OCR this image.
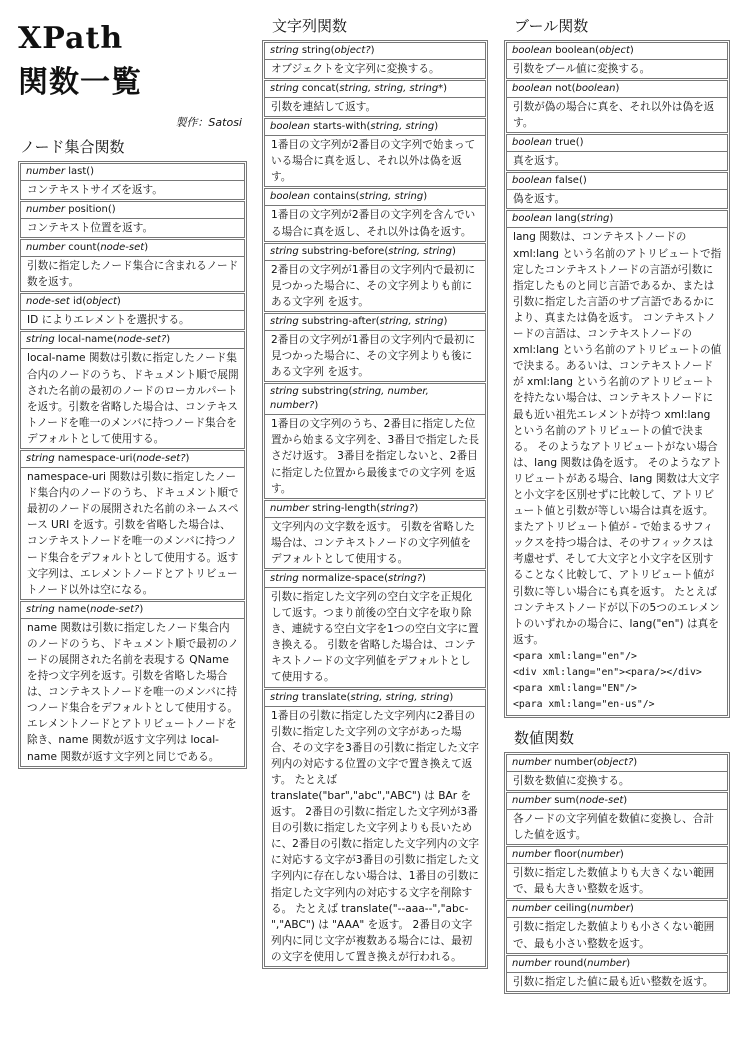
XPath
関数一覧
製作：Satosi
ノード集合関数
number last()
コンテキストサイズを返す。
number position()
コンテキスト位置を返す。
number count(node-set)
引数に指定したノード集合に含まれるノード数を返す。
node-set id(object)
ID によりエレメントを選択する。
string local-name(node-set?)
local-name 関数は引数に指定したノード集合内のノードのうち、ドキュメント順で展開された名前の最初のノードのローカルパートを返す。引数を省略した場合は、コンテキストノードを唯一のメンバに持つノード集合をデフォルトとして使用する。
string namespace-uri(node-set?)
namespace-uri 関数は引数に指定したノード集合内のノードのうち、ドキュメント順で最初のノードの展開された名前のネームスペース URI を返す。引数を省略した場合は、コンテキストノードを唯一のメンバに持つノード集合をデフォルトとして使用する。返す文字列は、エレメントノードとアトリビュートノード以外は空になる。
string name(node-set?)
name 関数は引数に指定したノード集合内のノードのうち、ドキュメント順で最初のノードの展開された名前を表現する QName を持つ文字列を返す。引数を省略した場合は、コンテキストノードを唯一のメンバに持つノード集合をデフォルトとして使用する。エレメントノードとアトリビュートノードを除き、name 関数が返す文字列は local-name 関数が返す文字列と同じである。
文字列関数
string string(object?)
オブジェクトを文字列に変換する。
string concat(string, string, string*)
引数を連結して返す。
boolean starts-with(string, string)
1番目の文字列が2番目の文字列で始まっている場合に真を返し、それ以外は偽を返す。
boolean contains(string, string)
1番目の文字列が2番目の文字列を含んでいる場合に真を返し、それ以外は偽を返す。
string substring-before(string, string)
2番目の文字列が1番目の文字列内で最初に見つかった場合に、その文字列よりも前にある文字列 を返す。
string substring-after(string, string)
2番目の文字列が1番目の文字列内で最初に見つかった場合に、その文字列よりも後にある文字列 を返す。
string substring(string, number, number?)
1番目の文字列のうち、2番目に指定した位置から始まる文字列を、3番目で指定した長さだけ返す。 3番目を指定しないと、2番目に指定した位置から最後までの文字列 を返す。
number string-length(string?)
文字列内の文字数を返す。 引数を省略した場合は、コンテキストノードの文字列値をデフォルトとして使用する。
string normalize-space(string?)
引数に指定した文字列の空白文字を正規化して返す。つまり前後の空白文字を取り除き、連続する空白文字を1つの空白文字に置き換える。 引数を省略した場合は、コンテキストノードの文字列値をデフォルトとして使用する。
string translate(string, string, string)
1番目の引数に指定した文字列内に2番目の引数に指定した文字列の文字があった場合、その文字を3番目の引数に指定した文字列内の対応する位置の文字で置き換えて返す。 たとえば translate("bar","abc","ABC") は BAr を返す。 2番目の引数に指定した文字列が3番目の引数に指定した文字列よりも長いために、2番目の引数に指定した文字列内の文字に対応する文字が3番目の引数に指定した文字列内に存在しない場合は、1番目の引数に指定した文字列内の対応する文字を削除する。 たとえば translate("--aaa--","abc-","ABC") は "AAA" を返す。 2番目の文字列内に同じ文字が複数ある場合には、最初の文字を使用して置き換えが行われる。
ブール関数
boolean boolean(object)
引数をブール値に変換する。
boolean not(boolean)
引数が偽の場合に真を、それ以外は偽を返す。
boolean true()
真を返す。
boolean false()
偽を返す。
boolean lang(string)
lang 関数は、コンテキストノードの xml:lang という名前のアトリビュートで指定したコンテキストノードの言語が引数に指定したものと同じ言語であるか、または引数に指定した言語のサブ言語であるかにより、真または偽を返す。 コンテキストノードの言語は、コンテキストノードの xml:lang という名前のアトリビュートの値で決まる。あるいは、コンテキストノードが xml:lang という名前のアトリビュートを持たない場合は、コンテキストノードに最も近い祖先エレメントが持つ xml:lang という名前のアトリビュートの値で決まる。 そのようなアトリビュートがない場合は、lang 関数は偽を返す。 そのようなアトリビュートがある場合、lang 関数は大文字と小文字を区別せずに比較して、アトリビュート値と引数が等しい場合は真を返す。またアトリビュート値が - で始まるサフィックスを持つ場合は、そのサフィックスは考慮せず、そして大文字と小文字を区別することなく比較して、アトリビュート値が引数に等しい場合にも真を返す。 たとえばコンテキストノードが以下の5つのエレメントのいずれかの場合に、lang("en") は真を返す。
<para xml:lang="en"/>
<div xml:lang="en"><para/></div>
<para xml:lang="EN"/>
<para xml:lang="en-us"/>
数値関数
number number(object?)
引数を数値に変換する。
number sum(node-set)
各ノードの文字列値を数値に変換し、合計した値を返す。
number floor(number)
引数に指定した数値よりも大きくない範囲で、最も大きい整数を返す。
number ceiling(number)
引数に指定した数値よりも小さくない範囲で、最も小さい整数を返す。
number round(number)
引数に指定した値に最も近い整数を返す。
